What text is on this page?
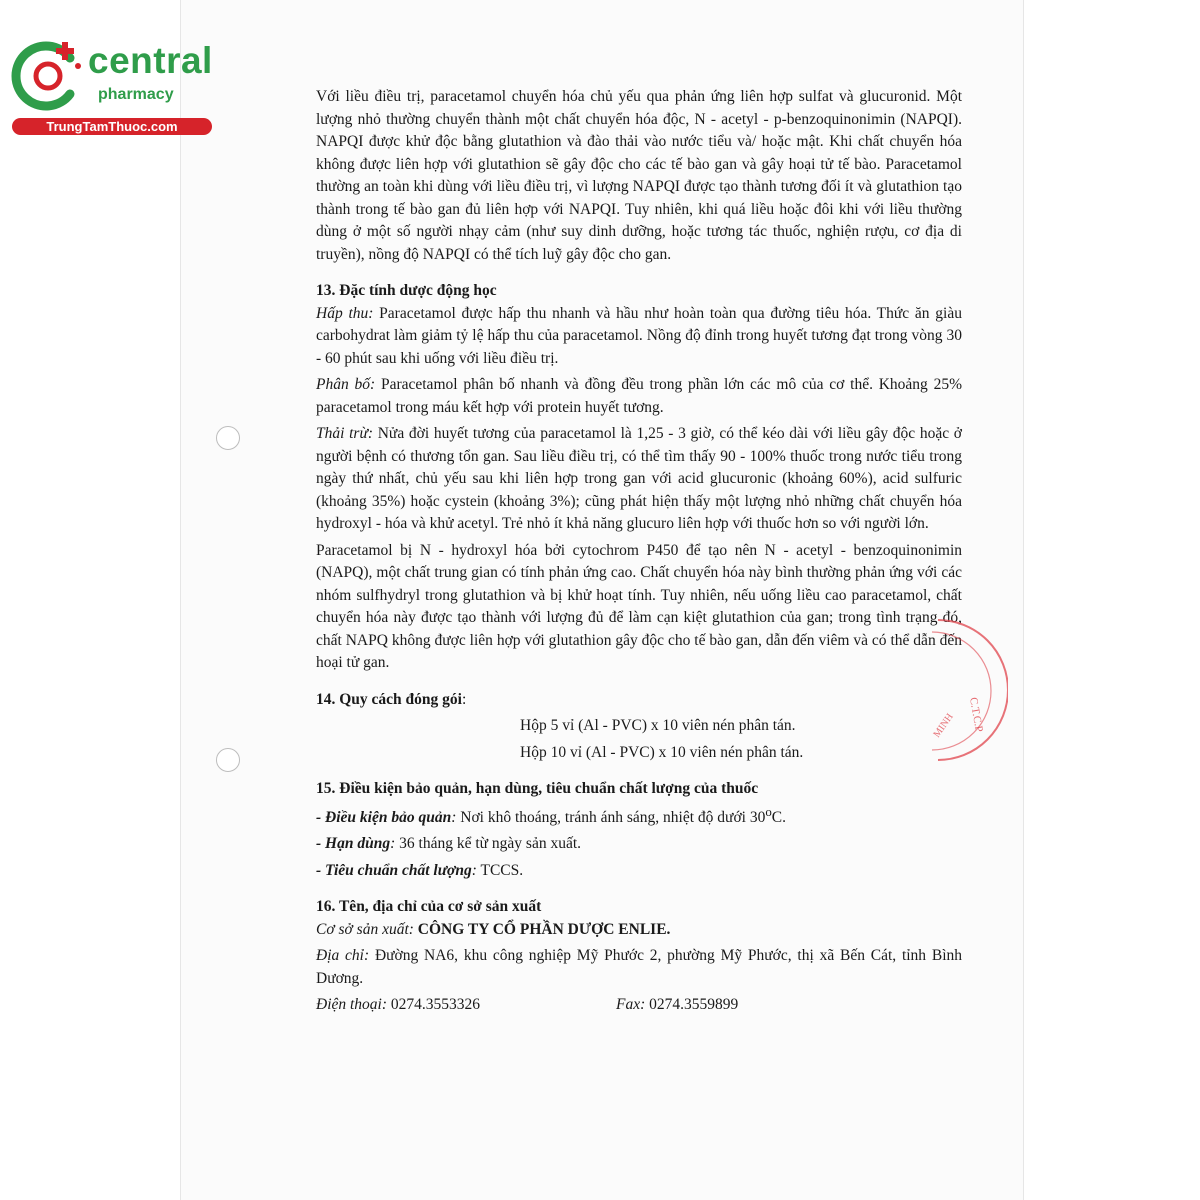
central
pharmacy
TrungTamThuoc.com

Với liều điều trị, paracetamol chuyển hóa chủ yếu qua phản ứng liên hợp sulfat và glucuronid. Một lượng nhỏ thường chuyển thành một chất chuyển hóa độc, N - acetyl - p-benzoquinonimin (NAPQI). NAPQI được khử độc bằng glutathion và đào thải vào nước tiểu và/ hoặc mật. Khi chất chuyển hóa không được liên hợp với glutathion sẽ gây độc cho các tế bào gan và gây hoại tử tế bào. Paracetamol thường an toàn khi dùng với liều điều trị, vì lượng NAPQI được tạo thành tương đối ít và glutathion tạo thành trong tế bào gan đủ liên hợp với NAPQI. Tuy nhiên, khi quá liều hoặc đôi khi với liều thường dùng ở một số người nhạy cảm (như suy dinh dưỡng, hoặc tương tác thuốc, nghiện rượu, cơ địa di truyền), nồng độ NAPQI có thể tích luỹ gây độc cho gan.

13. Đặc tính dược động học

Hấp thu: Paracetamol được hấp thu nhanh và hầu như hoàn toàn qua đường tiêu hóa. Thức ăn giàu carbohydrat làm giảm tỷ lệ hấp thu của paracetamol. Nồng độ đỉnh trong huyết tương đạt trong vòng 30 - 60 phút sau khi uống với liều điều trị.

Phân bố: Paracetamol phân bố nhanh và đồng đều trong phần lớn các mô của cơ thể. Khoảng 25% paracetamol trong máu kết hợp với protein huyết tương.

Thải trừ: Nửa đời huyết tương của paracetamol là 1,25 - 3 giờ, có thể kéo dài với liều gây độc hoặc ở người bệnh có thương tổn gan. Sau liều điều trị, có thể tìm thấy 90 - 100% thuốc trong nước tiểu trong ngày thứ nhất, chủ yếu sau khi liên hợp trong gan với acid glucuronic (khoảng 60%), acid sulfuric (khoảng 35%) hoặc cystein (khoảng 3%); cũng phát hiện thấy một lượng nhỏ những chất chuyển hóa hydroxyl - hóa và khử acetyl. Trẻ nhỏ ít khả năng glucuro liên hợp với thuốc hơn so với người lớn.

Paracetamol bị N - hydroxyl hóa bởi cytochrom P450 để tạo nên N - acetyl - benzoquinonimin (NAPQ), một chất trung gian có tính phản ứng cao. Chất chuyển hóa này bình thường phản ứng với các nhóm sulfhydryl trong glutathion và bị khử hoạt tính. Tuy nhiên, nếu uống liều cao paracetamol, chất chuyển hóa này được tạo thành với lượng đủ để làm cạn kiệt glutathion của gan; trong tình trạng đó, chất NAPQ không được liên hợp với glutathion gây độc cho tế bào gan, dẫn đến viêm và có thể dẫn đến hoại tử gan.

14. Quy cách đóng gói:

Hộp 5 vỉ (Al - PVC) x 10 viên nén phân tán.

Hộp 10 vỉ (Al - PVC) x 10 viên nén phân tán.

15. Điều kiện bảo quản, hạn dùng, tiêu chuẩn chất lượng của thuốc

- Điều kiện bảo quản: Nơi khô thoáng, tránh ánh sáng, nhiệt độ dưới 30$^o$C.

- Hạn dùng: 36 tháng kể từ ngày sản xuất.

- Tiêu chuẩn chất lượng: TCCS.

16. Tên, địa chỉ của cơ sở sản xuất

Cơ sở sản xuất: CÔNG TY CỔ PHẦN DƯỢC ENLIE.

Địa chỉ: Đường NA6, khu công nghiệp Mỹ Phước 2, phường Mỹ Phước, thị xã Bến Cát, tỉnh Bình Dương.

Điện thoại: 0274.3553326	Fax: 0274.3559899
C.T.C.P
MINH
